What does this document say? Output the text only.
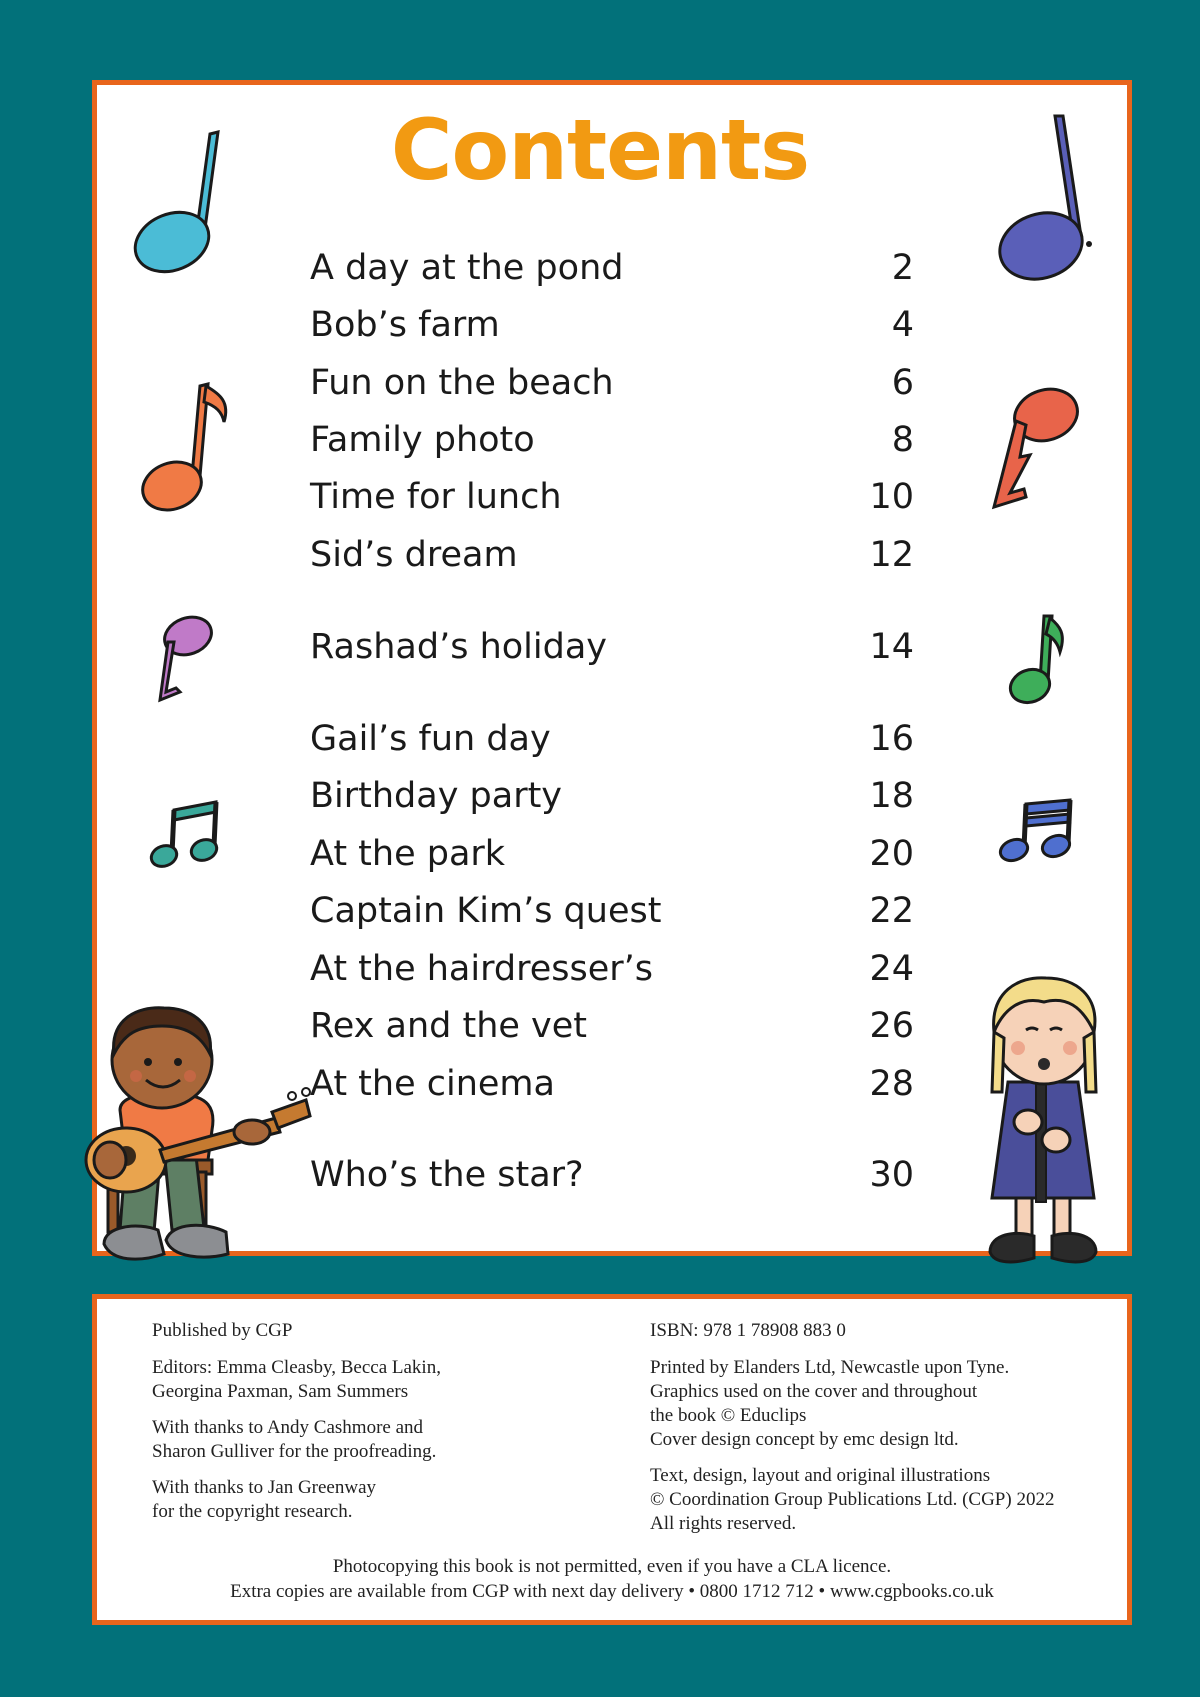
Contents
A day at the pond	2
Bob’s farm	4
Fun on the beach	6
Family photo	8
Time for lunch	10
Sid’s dream	12
Rashad’s holiday	14
Gail’s fun day	16
Birthday party	18
At the park	20
Captain Kim’s quest	22
At the hairdresser’s	24
Rex and the vet	26
At the cinema	28
Who’s the star?	30

Published by CGP

Editors: Emma Cleasby, Becca Lakin,

Georgina Paxman, Sam Summers

With thanks to Andy Cashmore and

Sharon Gulliver for the proofreading.

With thanks to Jan Greenway

for the copyright research.

ISBN: 978 1 78908 883 0

Printed by Elanders Ltd, Newcastle upon Tyne.

Graphics used on the cover and throughout

the book © Educlips

Cover design concept by emc design ltd.

Text, design, layout and original illustrations

© Coordination Group Publications Ltd. (CGP) 2022

All rights reserved.

Photocopying this book is not permitted, even if you have a CLA licence.

Extra copies are available from CGP with next day delivery • 0800 1712 712 • www.cgpbooks.co.uk
